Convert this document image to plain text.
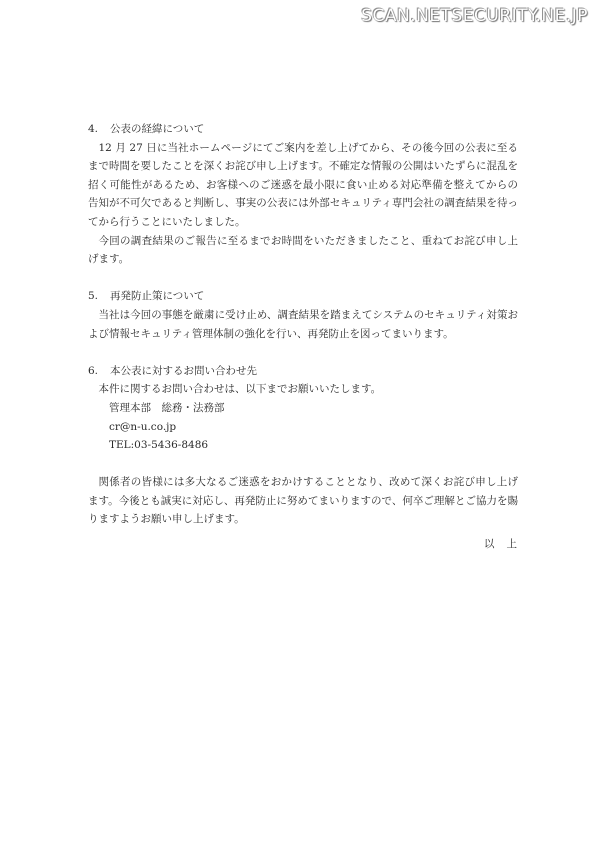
SCAN.NETSECURITY.NE.JP
4.	公表の経緯について

12 月 27 日に当社ホームページにてご案内を差し上げてから、その後今回の公表に至るまで時間を要したことを深くお詫び申し上げます。不確定な情報の公開はいたずらに混乱を招く可能性があるため、お客様へのご迷惑を最小限に食い止める対応準備を整えてからの告知が不可欠であると判断し、事実の公表には外部セキュリティ専門会社の調査結果を待ってから行うことにいたしました。

今回の調査結果のご報告に至るまでお時間をいただきましたこと、重ねてお詫び申し上げます。

5.	再発防止策について

当社は今回の事態を厳粛に受け止め、調査結果を踏まえてシステムのセキュリティ対策および情報セキュリティ管理体制の強化を行い、再発防止を図ってまいります。

6.	本公表に対するお問い合わせ先

本件に関するお問い合わせは、以下までお願いいたします。

管理本部　総務・法務部

cr@n-u.co.jp

TEL:03-5436-8486

関係者の皆様には多大なるご迷惑をおかけすることとなり、改めて深くお詫び申し上げます。今後とも誠実に対応し、再発防止に努めてまいりますので、何卒ご理解とご協力を賜りますようお願い申し上げます。

以上
